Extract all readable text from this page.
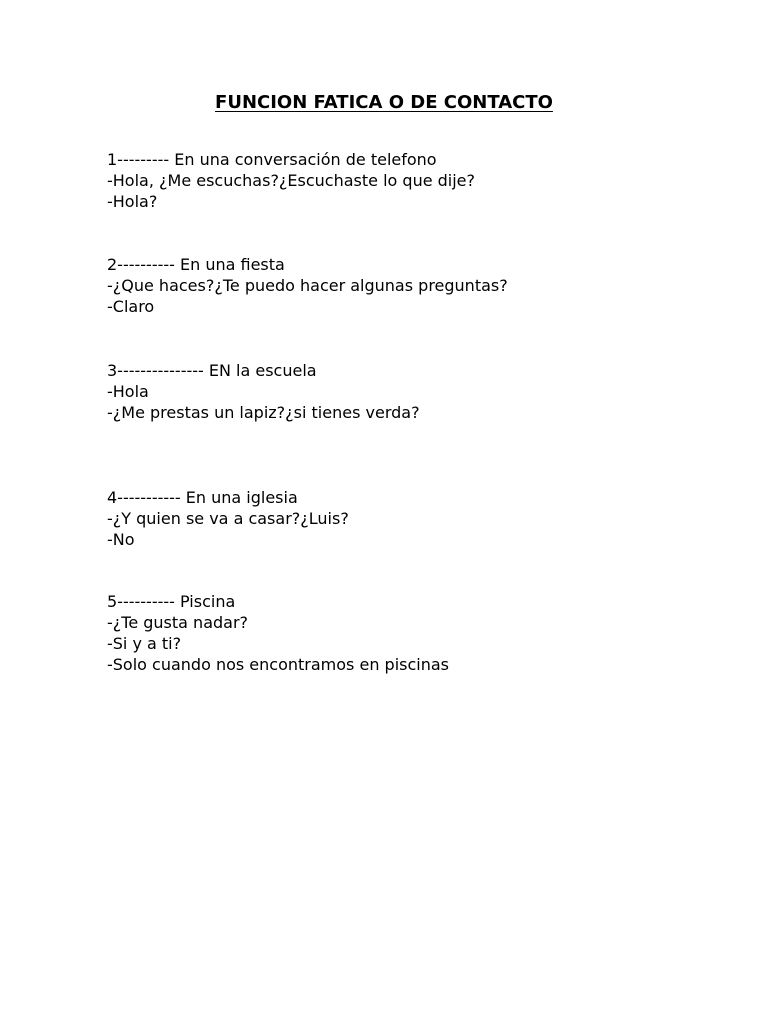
FUNCION FATICA O DE CONTACTO
1--------- En una conversación de telefono
-Hola, ¿Me escuchas?¿Escuchaste lo que dije?
-Hola?
2---------- En una fiesta
-¿Que haces?¿Te puedo hacer algunas preguntas?
-Claro
3--------------- EN la escuela
-Hola
-¿Me prestas un lapiz?¿si tienes verda?
4----------- En una iglesia
-¿Y quien se va a casar?¿Luis?
-No
5---------- Piscina
-¿Te gusta nadar?
-Si y a ti?
-Solo cuando nos encontramos en piscinas
